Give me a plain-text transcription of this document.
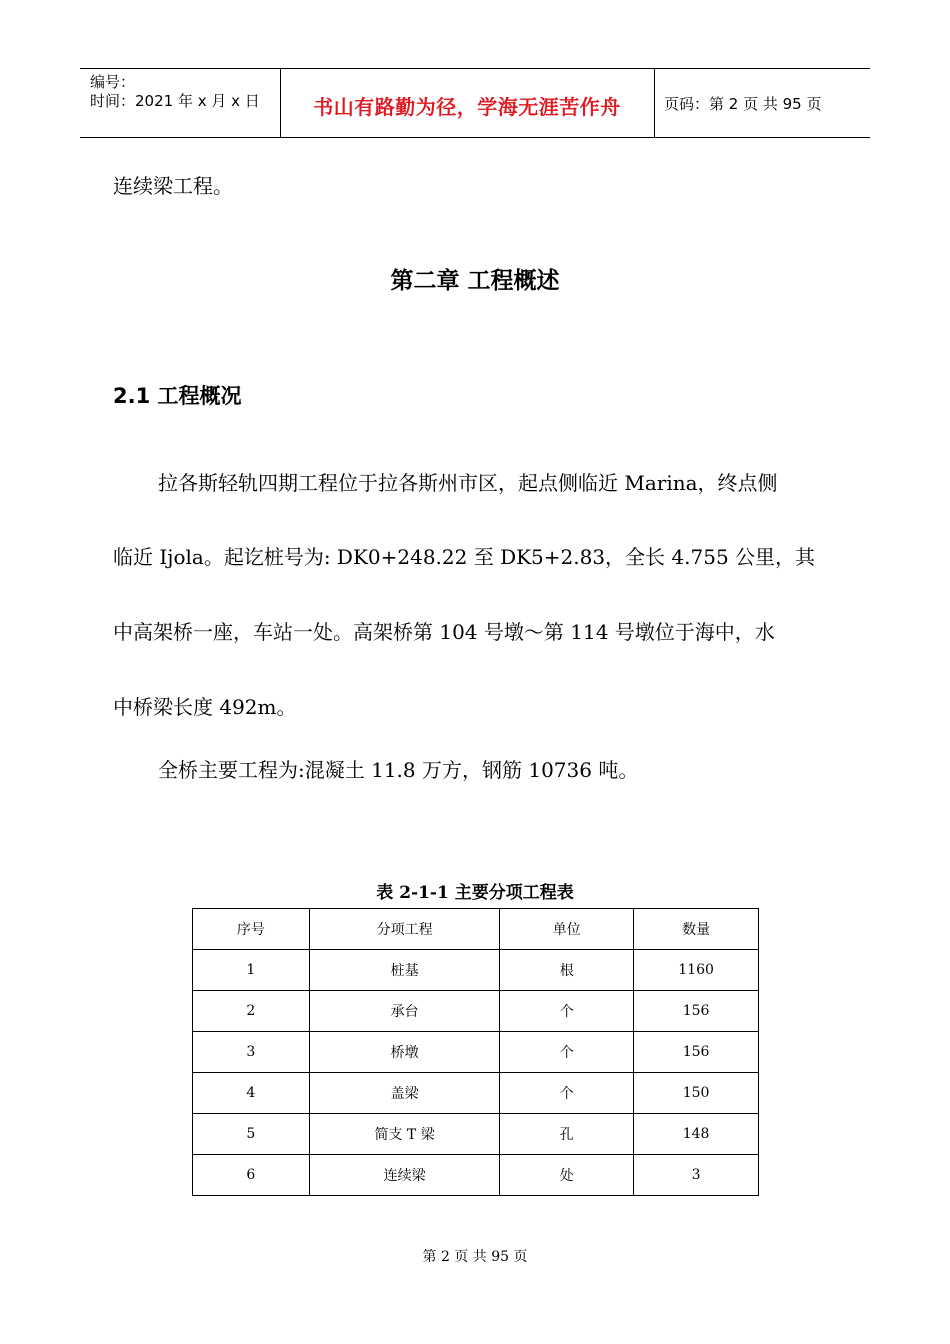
编号：
时间：2021 年 x 月 x 日	书山有路勤为径，学海无涯苦作舟	页码：第 2 页 共 95 页
连续梁工程。
第二章 工程概述
2.1 工程概况
拉各斯轻轨四期工程位于拉各斯州市区，起点侧临近 Marina，终点侧
临近 Ijola。起讫桩号为: DK0+248.22 至 DK5+2.83，全长 4.755 公里，其
中高架桥一座，车站一处。高架桥第 104 号墩～第 114 号墩位于海中，水
中桥梁长度 492m。
全桥主要工程为:混凝土 11.8 万方，钢筋 10736 吨。
表 2-1-1 主要分项工程表
序号	分项工程	单位	数量
1	桩基	根	1160
2	承台	个	156
3	桥墩	个	156
4	盖梁	个	150
5	简支 T 梁	孔	148
6	连续梁	处	3
第 2 页 共 95 页
